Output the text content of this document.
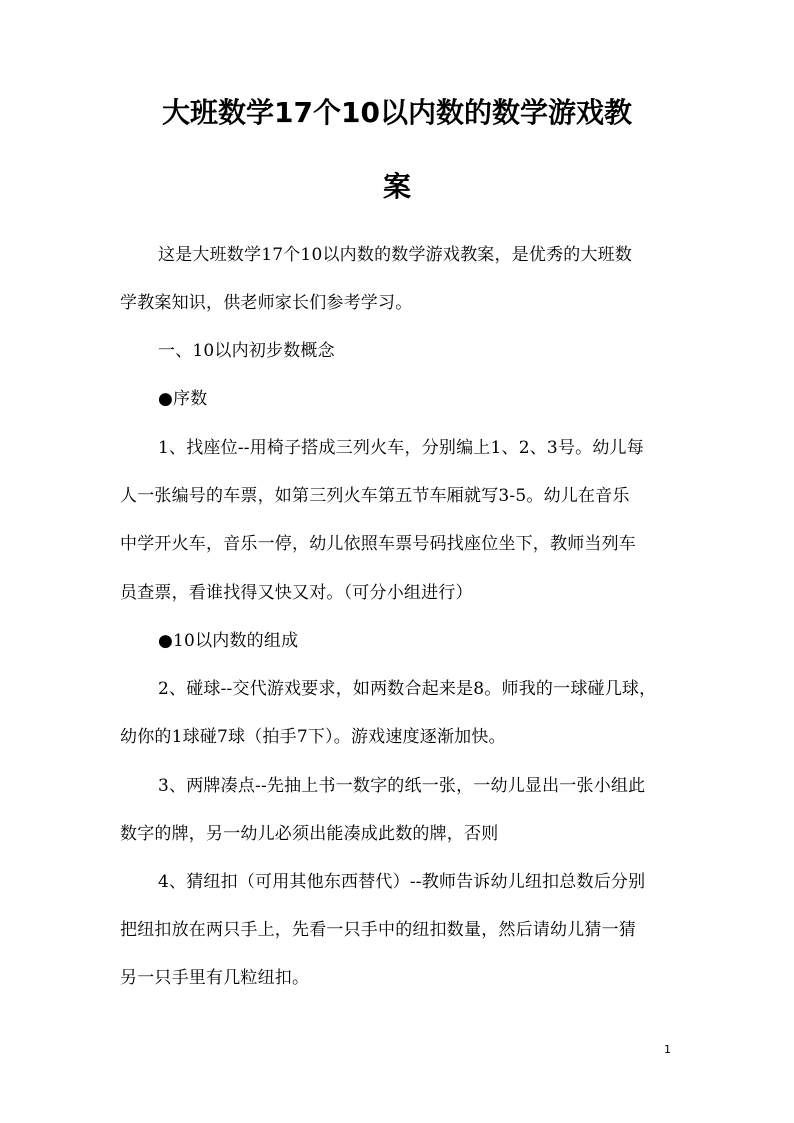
大班数学17个10以内数的数学游戏教
案
这是大班数学17个10以内数的数学游戏教案，是优秀的大班数
学教案知识，供老师家长们参考学习。
一、10以内初步数概念
●序数
1、找座位--用椅子搭成三列火车，分别编上1、2、3号。幼儿每
人一张编号的车票，如第三列火车第五节车厢就写3-5。幼儿在音乐
中学开火车，音乐一停，幼儿依照车票号码找座位坐下，教师当列车
员查票，看谁找得又快又对。（可分小组进行）
●10以内数的组成
2、碰球--交代游戏要求，如两数合起来是8。师我的一球碰几球，
幼你的1球碰7球（拍手7下）。游戏速度逐渐加快。
3、两牌凑点--先抽上书一数字的纸一张，一幼儿显出一张小组此
数字的牌，另一幼儿必须出能凑成此数的牌，否则
4、猜纽扣（可用其他东西替代）--教师告诉幼儿纽扣总数后分别
把纽扣放在两只手上，先看一只手中的纽扣数量，然后请幼儿猜一猜
另一只手里有几粒纽扣。
1
